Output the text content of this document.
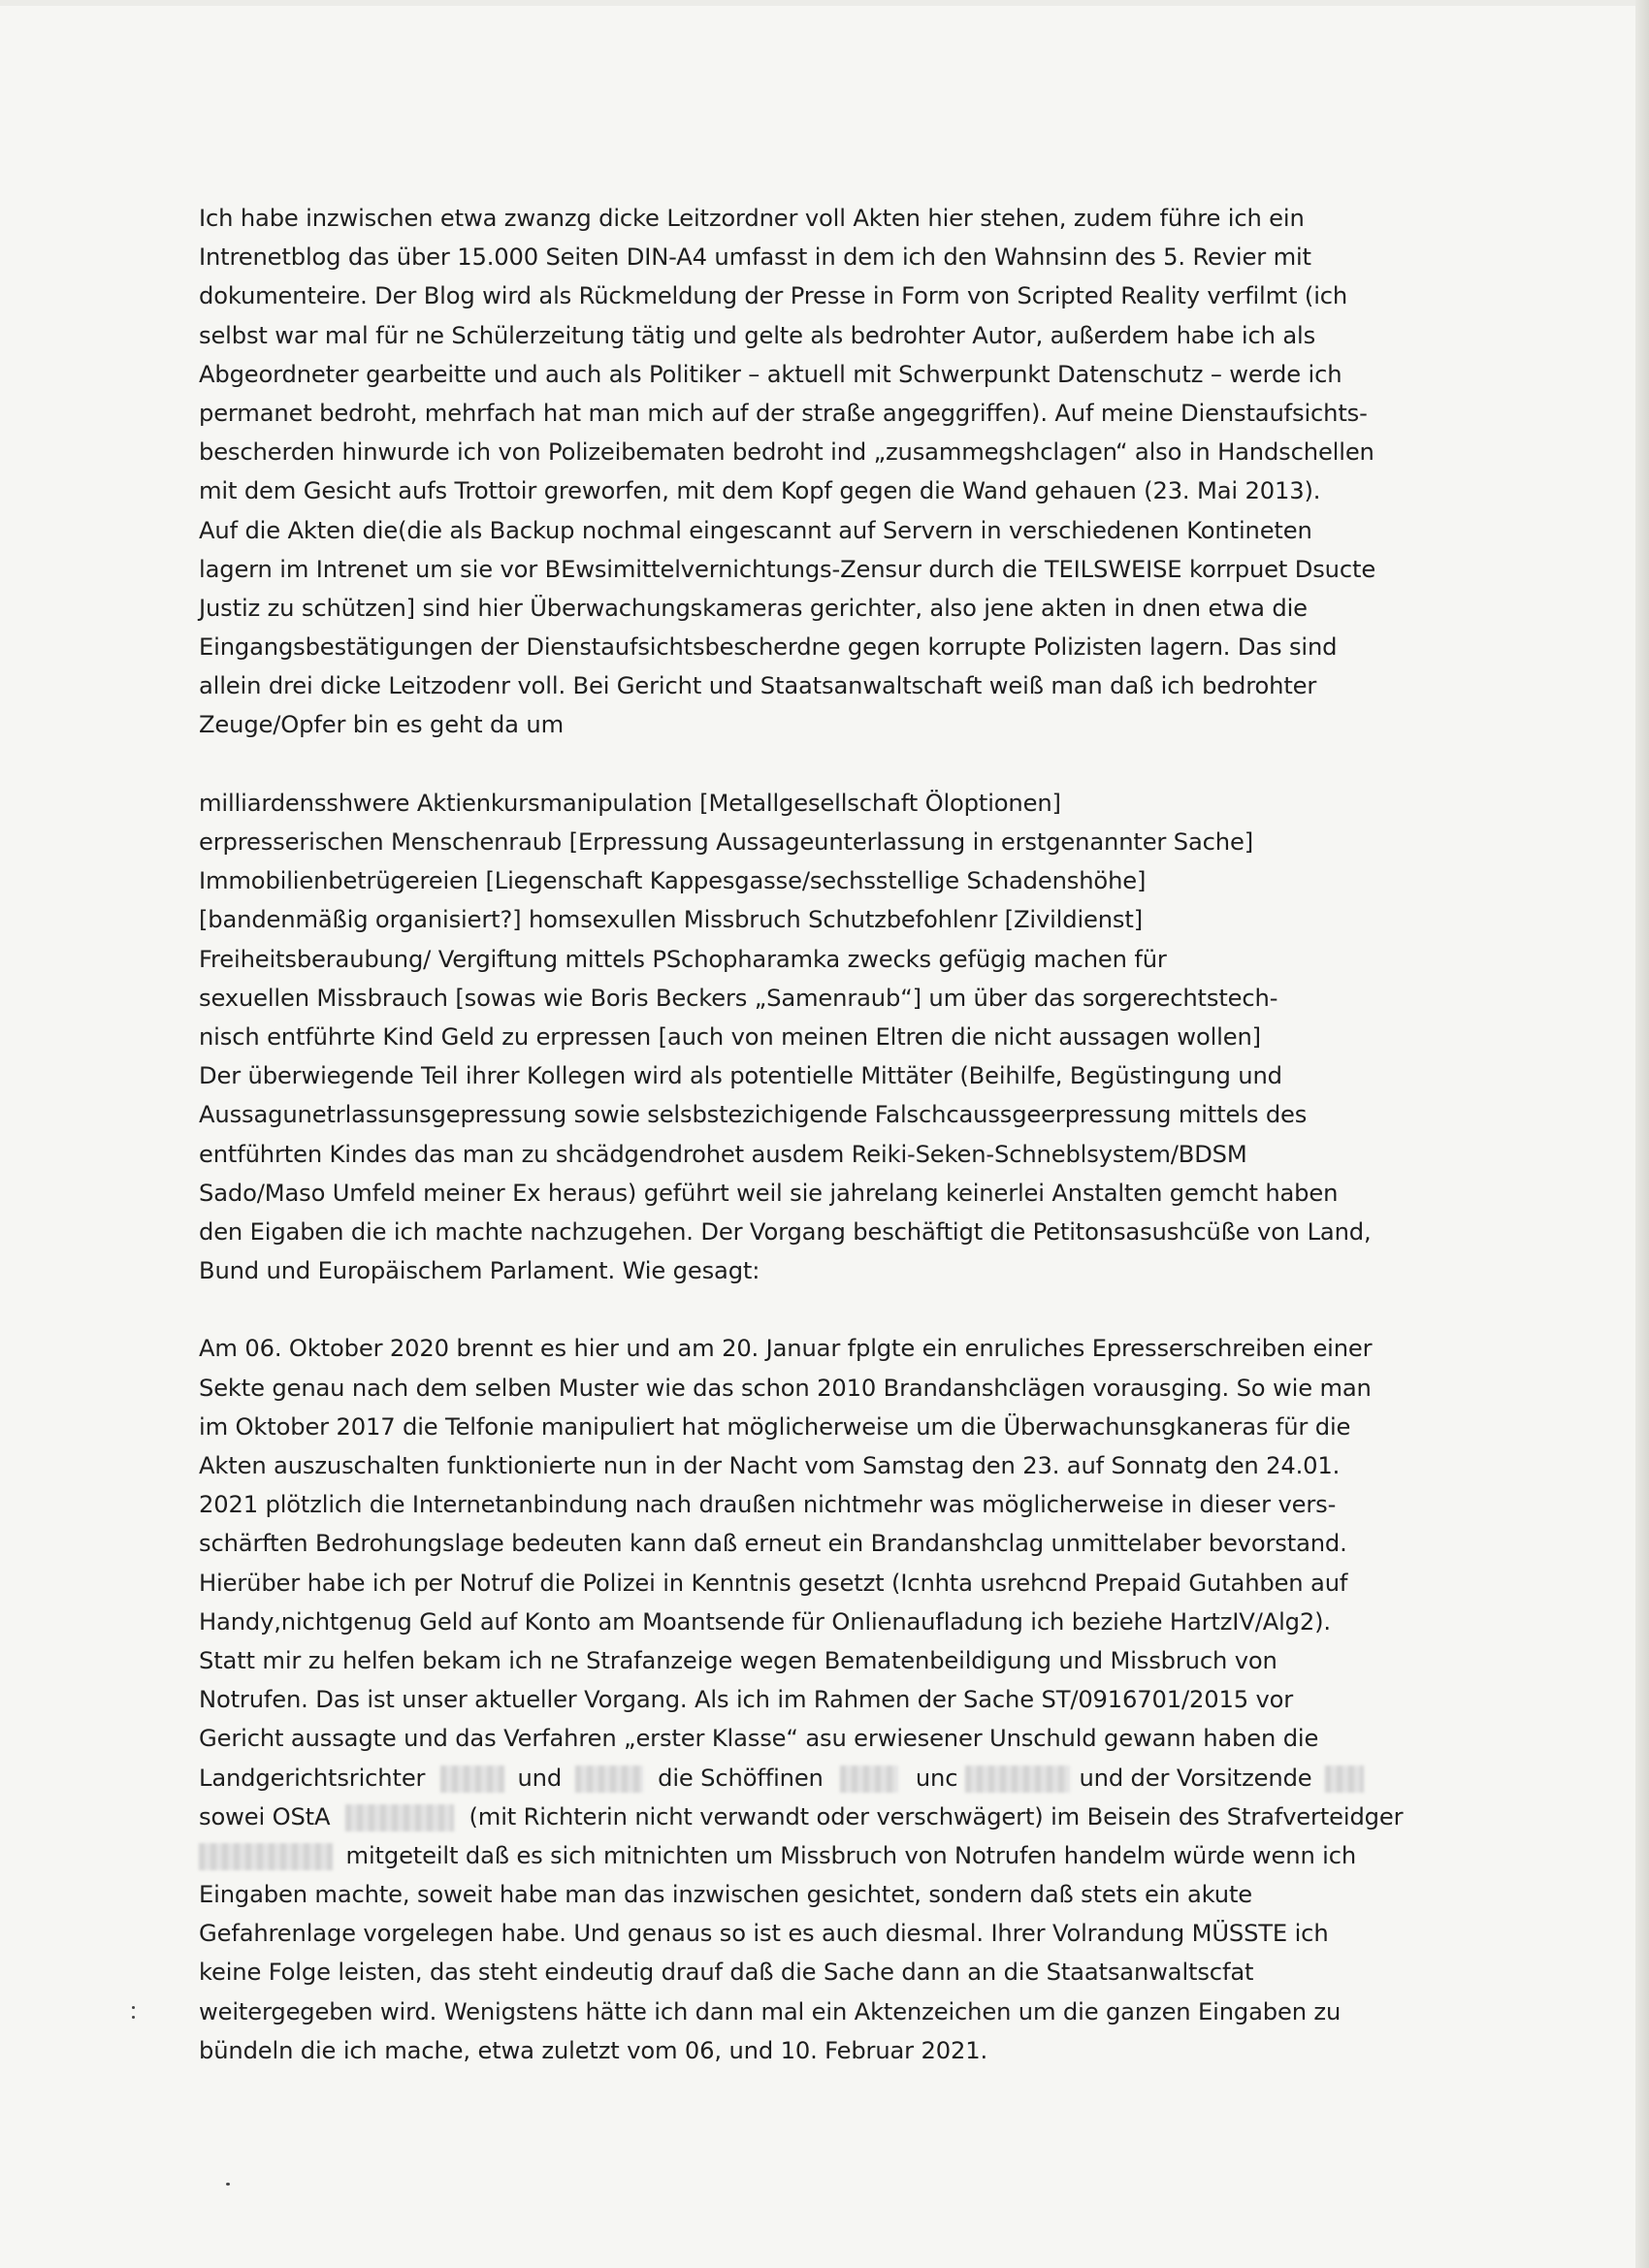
Ich habe inzwischen etwa zwanzg dicke Leitzordner voll Akten hier stehen, zudem führe ich ein
Intrenetblog das über 15.000 Seiten DIN-A4 umfasst in dem ich den Wahnsinn des 5. Revier mit
dokumenteire. Der Blog wird als Rückmeldung der Presse in Form von Scripted Reality verfilmt (ich
selbst war mal für ne Schülerzeitung tätig und gelte als bedrohter Autor, außerdem habe ich als
Abgeordneter gearbeitte und auch als Politiker – aktuell mit Schwerpunkt Datenschutz – werde ich
permanet bedroht, mehrfach hat man mich auf der straße angeggriffen). Auf meine Dienstaufsichts-
bescherden hinwurde ich von Polizeibematen bedroht ind „zusammegshclagen“ also in Handschellen
mit dem Gesicht aufs Trottoir greworfen, mit dem Kopf gegen die Wand gehauen (23. Mai 2013).
Auf die Akten die(die als Backup nochmal eingescannt auf Servern in verschiedenen Kontineten
lagern im Intrenet um sie vor BEwsimittelvernichtungs-Zensur durch die TEILSWEISE korrpuet Dsucte
Justiz zu schützen] sind hier Überwachungskameras gerichter, also jene akten in dnen etwa die
Eingangsbestätigungen der Dienstaufsichtsbescherdne gegen korrupte Polizisten lagern. Das sind
allein drei dicke Leitzodenr voll. Bei Gericht und Staatsanwaltschaft weiß man daß ich bedrohter
Zeuge/Opfer bin es geht da um
milliardensshwere Aktienkursmanipulation [Metallgesellschaft Öloptionen]
erpresserischen Menschenraub [Erpressung Aussageunterlassung in erstgenannter Sache]
Immobilienbetrügereien [Liegenschaft Kappesgasse/sechsstellige Schadenshöhe]
[bandenmäßig organisiert?] homsexullen Missbruch Schutzbefohlenr [Zivildienst]
Freiheitsberaubung/ Vergiftung mittels PSchopharamka zwecks gefügig machen für
sexuellen Missbrauch [sowas wie Boris Beckers „Samenraub“] um über das sorgerechtstech-
nisch entführte Kind Geld zu erpressen [auch von meinen Eltren die nicht aussagen wollen]
Der überwiegende Teil ihrer Kollegen wird als potentielle Mittäter (Beihilfe, Begüstingung und
Aussagunetrlassunsgepressung sowie selsbstezichigende Falschcaussgeerpressung mittels des
entführten Kindes das man zu shcädgendrohet ausdem Reiki-Seken-Schneblsystem/BDSM
Sado/Maso Umfeld meiner Ex heraus) geführt weil sie jahrelang keinerlei Anstalten gemcht haben
den Eigaben die ich machte nachzugehen. Der Vorgang beschäftigt die Petitonsasushcüße von Land,
Bund und Europäischem Parlament. Wie gesagt:
Am 06. Oktober 2020 brennt es hier und am 20. Januar fplgte ein enruliches Epresserschreiben einer
Sekte genau nach dem selben Muster wie das schon 2010 Brandanshclägen vorausging. So wie man
im Oktober 2017 die Telfonie manipuliert hat möglicherweise um die Überwachunsgkaneras für die
Akten auszuschalten funktionierte nun in der Nacht vom Samstag den 23. auf Sonnatg den 24.01.
2021 plötzlich die Internetanbindung nach draußen nichtmehr was möglicherweise in dieser vers-
schärften Bedrohungslage bedeuten kann daß erneut ein Brandanshclag unmittelaber bevorstand.
Hierüber habe ich per Notruf die Polizei in Kenntnis gesetzt (Icnhta usrehcnd Prepaid Gutahben auf
Handy,nichtgenug Geld auf Konto am Moantsende für Onlienaufladung ich beziehe HartzIV/Alg2).
Statt mir zu helfen bekam ich ne Strafanzeige wegen Bematenbeildigung und Missbruch von
Notrufen. Das ist unser aktueller Vorgang. Als ich im Rahmen der Sache ST/0916701/2015 vor
Gericht aussagte und das Verfahren „erster Klasse“ asu erwiesener Unschuld gewann haben die
Landgerichtsrichter	und	die Schöffinen	unc	und der Vorsitzende
sowei OStA	(mit Richterin nicht verwandt oder verschwägert) im Beisein des Strafverteidger
mitgeteilt daß es sich mitnichten um Missbruch von Notrufen handelm würde wenn ich
Eingaben machte, soweit habe man das inzwischen gesichtet, sondern daß stets ein akute
Gefahrenlage vorgelegen habe. Und genaus so ist es auch diesmal. Ihrer Volrandung MÜSSTE ich
keine Folge leisten, das steht eindeutig drauf daß die Sache dann an die Staatsanwaltscfat
weitergegeben wird. Wenigstens hätte ich dann mal ein Aktenzeichen um die ganzen Eingaben zu
bündeln die ich mache, etwa zuletzt vom 06, und 10. Februar 2021.
